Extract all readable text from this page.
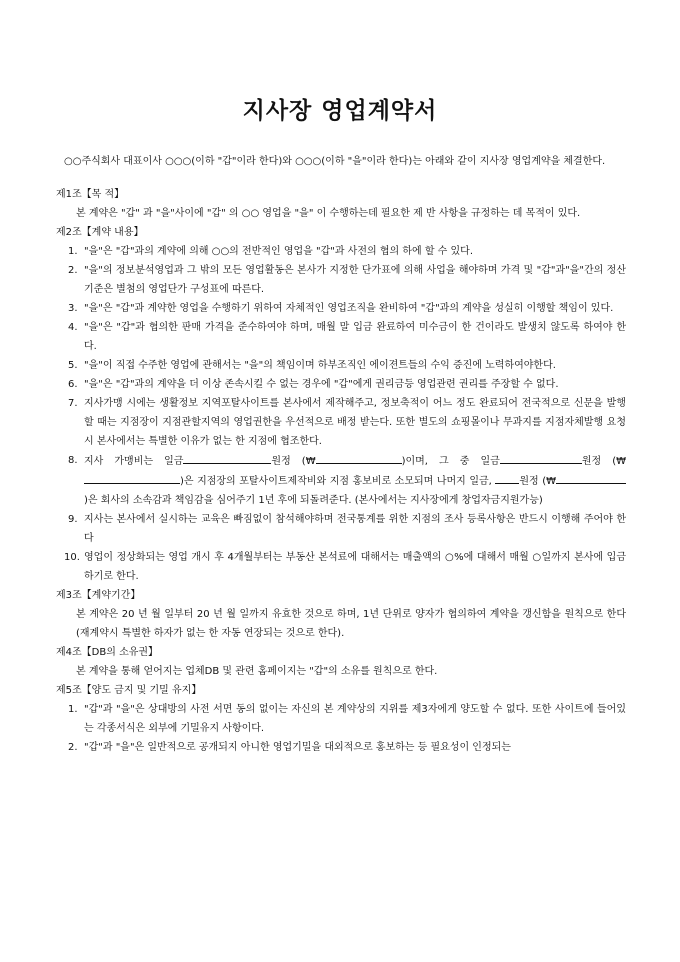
지사장 영업계약서
○○주식회사 대표이사 ○○○(이하 "갑"이라 한다)와 ○○○(이하 "을"이라 한다)는 아래와 같이 지사장 영업계약을 체결한다.
제1조【목 적】
본 계약은 "갑" 과 "을"사이에 "갑" 의 ○○ 영업을 "을" 이 수행하는데 필요한 제 반 사항을 규정하는 데 목적이 있다.
제2조【계약 내용】
1. "을"은 "갑"과의 계약에 의해 ○○의 전반적인 영업을 "갑"과 사전의 협의 하에 할 수 있다.
2. "을"의 정보분석영업과 그 밖의 모든 영업활동은 본사가 지정한 단가표에 의해 사업을 해야하며 가격 및 "갑"과"을"간의 정산 기준은 별첨의 영업단가 구성표에 따른다.
3. "을"은 "갑"과 계약한 영업을 수행하기 위하여 자체적인 영업조직을 완비하여 "갑"과의 계약을 성실히 이행할 책임이 있다.
4. "을"은 "갑"과 협의한 판매 가격을 준수하여야 하며, 매월 말 입금 완료하여 미수금이 한 건이라도 발생치 않도록 하여야 한다.
5. "을"이 직접 수주한 영업에 관해서는 "을"의 책임이며 하부조직인 에이젼트들의 수익 증진에 노력하여야한다.
6. "을"은 "갑"과의 계약을 더 이상 존속시킬 수 없는 경우에 "갑"에게 권리금등 영업관련 권리를 주장할 수 없다.
7. 지사가맹 시에는 생활정보 지역포탈사이트를 본사에서 제작해주고, 정보축적이 어느 정도 완료되어 전국적으로 신문을 발행할 때는 지점장이 지점관할지역의 영업권한을 우선적으로 배정 받는다. 또한 별도의 쇼핑몰이나 무과지를 지점자체발행 요청 시 본사에서는 특별한 이유가 없는 한 지점에 협조한다.
8. 지사 가맹비는 일금	원정 (₩	)이며, 그 중 일금	원정 (₩)은 지점장의 포탈사이트제작비와 지점 홍보비로 소모되며 나머지 일금,	원정 (₩)은 회사의 소속감과 책임감을 심어주기 1년 후에 되돌려준다. (본사에서는 지사장에게 창업자금지원가능)
9. 지사는 본사에서 실시하는 교육은 빠짐없이 참석해야하며 전국통계를 위한 지점의 조사 등록사항은 반드시 이행해 주어야 한다
10. 영업이 정상화되는 영업 개시 후 4개월부터는 부동산 본석료에 대해서는 매출액의 ○%에 대해서 매월 ○일까지 본사에 입금하기로 한다.
제3조【계약기간】
본 계약은 20 년 월 일부터 20 년 월 일까지 유효한 것으로 하며, 1년 단위로 양자가 협의하여 계약을 갱신함을 원칙으로 한다(재계약시 특별한 하자가 없는 한 자동 연장되는 것으로 한다).
제4조【DB의 소유권】
본 계약을 통해 얻어지는 업체DB 및 관련 홈페이지는 "갑"의 소유를 원칙으로 한다.
제5조【양도 금지 및 기밀 유지】
1. "갑"과 "을"은 상대방의 사전 서면 동의 없이는 자신의 본 계약상의 지위를 제3자에게 양도할 수 없다. 또한 사이트에 들어있는 각종서식은 외부에 기밀유지 사항이다.
2. "갑"과 "을"은 일반적으로 공개되지 아니한 영업기밀을 대외적으로 홍보하는 등 필요성이 인정되는
